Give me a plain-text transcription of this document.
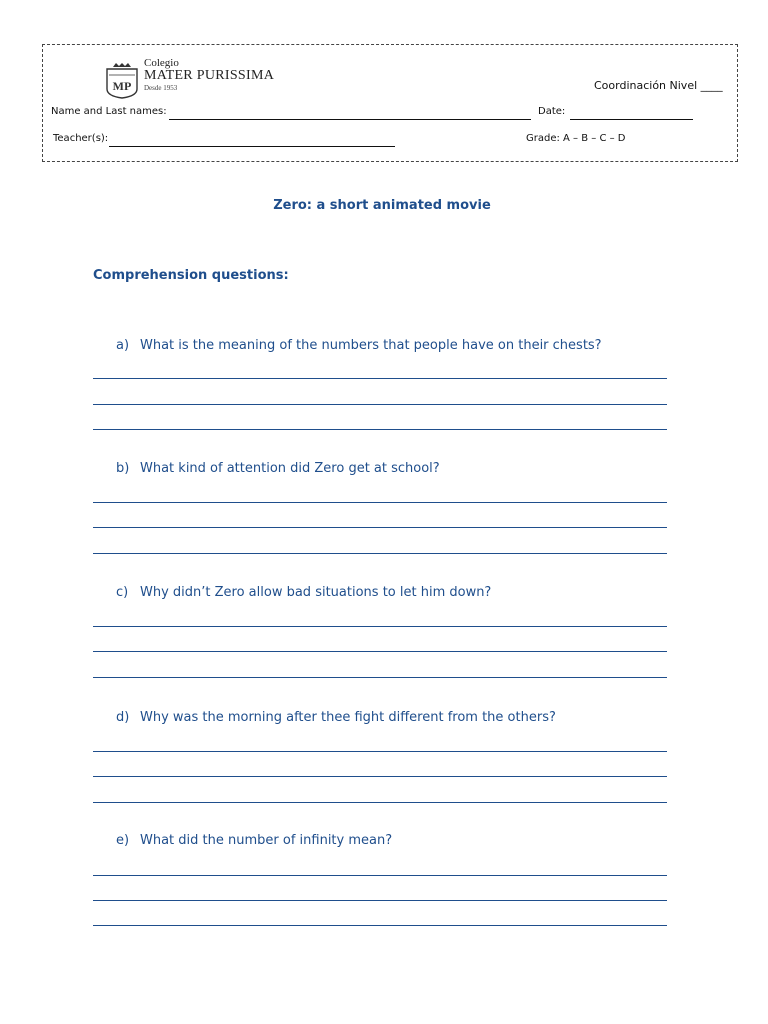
MP
Colegio
MATER PURISSIMA
Desde 1953	Coordinación Nivel ____
Name and Last names:	Date:
Teacher(s):	Grade: A – B – C – D
Zero: a short animated movie
Comprehension questions:
a) What is the meaning of the numbers that people have on their chests?
b) What kind of attention did Zero get at school?
c) Why didn’t Zero allow bad situations to let him down?
d) Why was the morning after thee fight different from the others?
e) What did the number of infinity mean?
